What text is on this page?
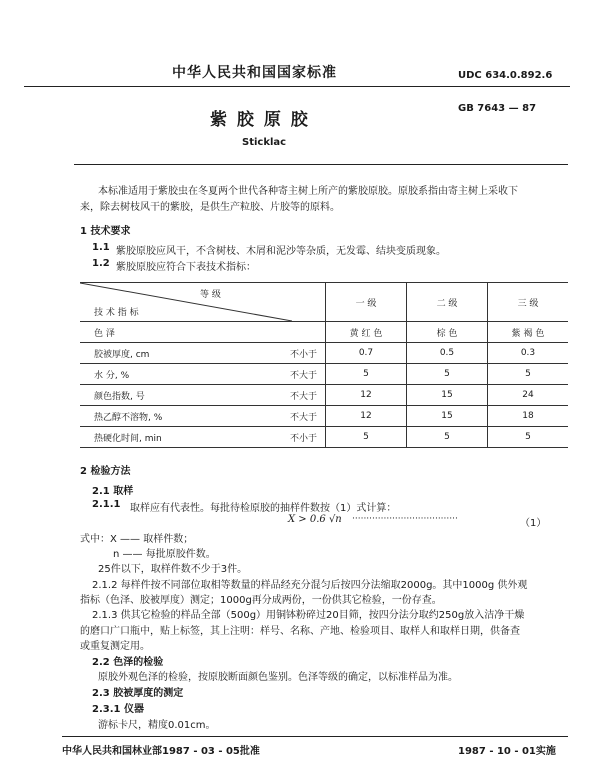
中华人民共和国国家标准	UDC 634.0.892.6
紫 胶 原 胶
GB 7643 — 87
Sticklac
本标准适用于紫胶虫在冬夏两个世代各种寄主树上所产的紫胶原胶。原胶系指由寄主树上采收下
来，除去树枝风干的紫胶，是供生产粒胶、片胶等的原料。
1 技术要求
1.1 紫胶原胶应风干，不含树枝、木屑和泥沙等杂质，无发霉、结块变质现象。
1.2 紫胶原胶应符合下表技术指标：
等 级
技 术 指 标	一 级	二 级	三 级

色 泽	黄 红 色	棕 色	紫 褐 色

胶被厚度, cm 不小于	0.7	0.5	0.3

水 分, % 不大于	5	5	5

颜色指数, 号 不大于	12	15	24

热乙醇不溶物, % 不大于	12	15	18

热硬化时间, min 不小于	5	5	5
2 检验方法
2.1 取样
2.1.1 取样应有代表性。每批待检原胶的抽样件数按（1）式计算：
X > 0.6 √n ·····································	（1）
式中：X —— 取样件数；
n —— 每批原胶件数。
25件以下，取样件数不少于3件。
2.1.2 每样件按不同部位取相等数量的样品经充分混匀后按四分法缩取2000g。其中1000g 供外观
指标（色泽、胶被厚度）测定；1000g再分成两份，一份供其它检验，一份存查。
2.1.3 供其它检验的样品全部（500g）用铜钵粉碎过20目筛，按四分法分取约250g放入洁净干燥
的磨口广口瓶中，贴上标签，其上注明：样号、名称、产地、检验项目、取样人和取样日期，供备查
或重复测定用。
2.2 色泽的检验
原胶外观色泽的检验，按原胶断面颜色鉴别。色泽等级的确定，以标准样品为准。
2.3 胶被厚度的测定
2.3.1 仪器
游标卡尺，精度0.01cm。
中华人民共和国林业部1987 - 03 - 05批准	1987 - 10 - 01实施
